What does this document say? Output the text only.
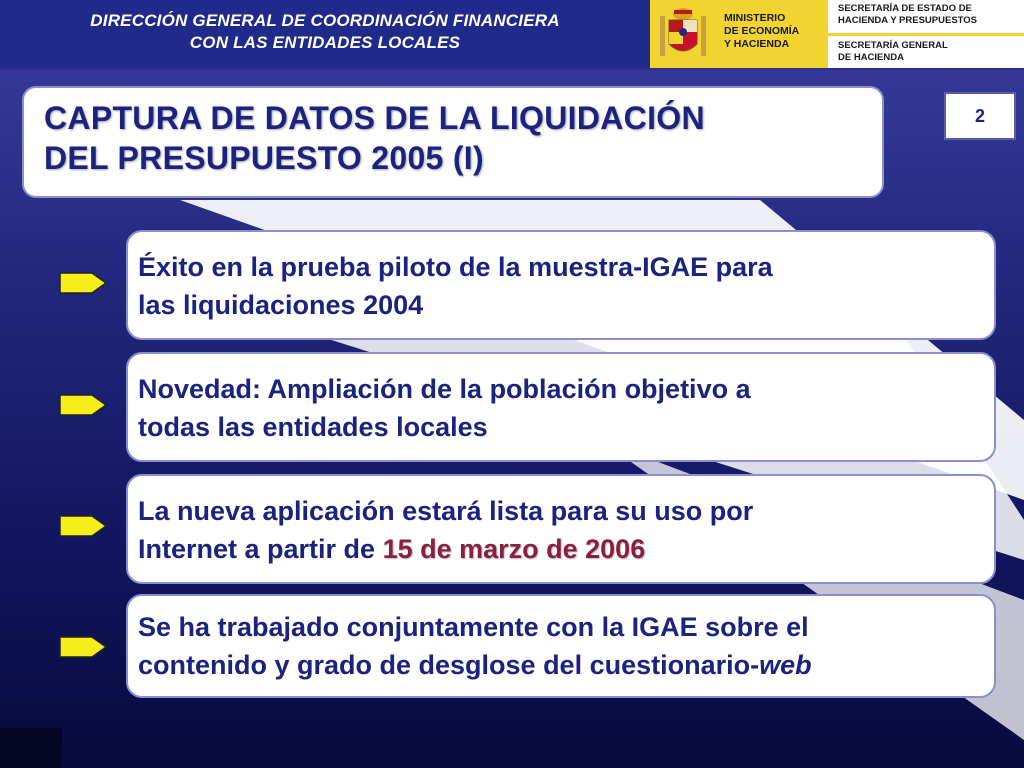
DIRECCIÓN GENERAL DE COORDINACIÓN FINANCIERA
CON LAS ENTIDADES LOCALES
MINISTERIO
DE ECONOMÍA
Y HACIENDA
SECRETARÍA DE ESTADO DE
HACIENDA Y PRESUPUESTOS
SECRETARÍA GENERAL
DE HACIENDA
CAPTURA DE DATOS DE LA LIQUIDACIÓN
DEL PRESUPUESTO 2005 (I)
2
Éxito en la prueba piloto de la muestra-IGAE para
las liquidaciones 2004
Novedad: Ampliación de la población objetivo a
todas las entidades locales
La nueva aplicación estará lista para su uso por
Internet a partir de 15 de marzo de 2006
Se ha trabajado conjuntamente con la IGAE sobre el
contenido y grado de desglose del cuestionario-web
